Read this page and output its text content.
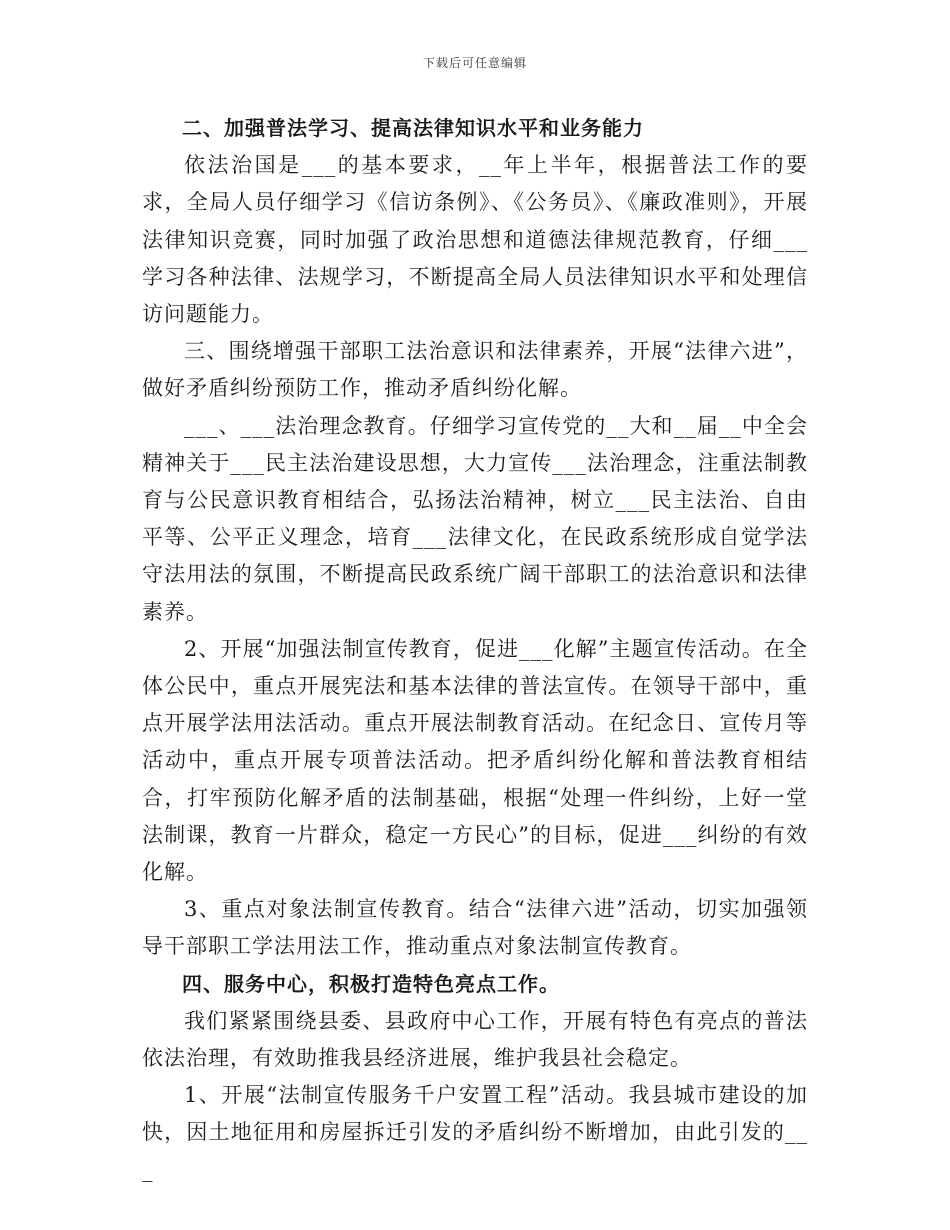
下载后可任意编辑

二、加强普法学习、提高法律知识水平和业务能力

依法治国是___的基本要求，__年上半年，根据普法工作的要求，全局人员仔细学习《信访条例》、《公务员》、《廉政准则》，开展法律知识竞赛，同时加强了政治思想和道德法律规范教育，仔细___学习各种法律、法规学习，不断提高全局人员法律知识水平和处理信访问题能力。

三、围绕增强干部职工法治意识和法律素养，开展“法律六进”，做好矛盾纠纷预防工作，推动矛盾纠纷化解。

___、___法治理念教育。仔细学习宣传党的__大和__届__中全会精神关于___民主法治建设思想，大力宣传___法治理念，注重法制教育与公民意识教育相结合，弘扬法治精神，树立___民主法治、自由平等、公平正义理念，培育___法律文化，在民政系统形成自觉学法守法用法的氛围，不断提高民政系统广阔干部职工的法治意识和法律素养。

2、开展“加强法制宣传教育，促进___化解”主题宣传活动。在全体公民中，重点开展宪法和基本法律的普法宣传。在领导干部中，重点开展学法用法活动。重点开展法制教育活动。在纪念日、宣传月等活动中，重点开展专项普法活动。把矛盾纠纷化解和普法教育相结合，打牢预防化解矛盾的法制基础，根据“处理一件纠纷，上好一堂法制课，教育一片群众，稳定一方民心”的目标，促进___纠纷的有效化解。

3、重点对象法制宣传教育。结合“法律六进”活动，切实加强领导干部职工学法用法工作，推动重点对象法制宣传教育。

四、服务中心，积极打造特色亮点工作。

我们紧紧围绕县委、县政府中心工作，开展有特色有亮点的普法依法治理，有效助推我县经济进展，维护我县社会稳定。

1、开展“法制宣传服务千户安置工程”活动。我县城市建设的加快，因土地征用和房屋拆迁引发的矛盾纠纷不断增加，由此引发的___
